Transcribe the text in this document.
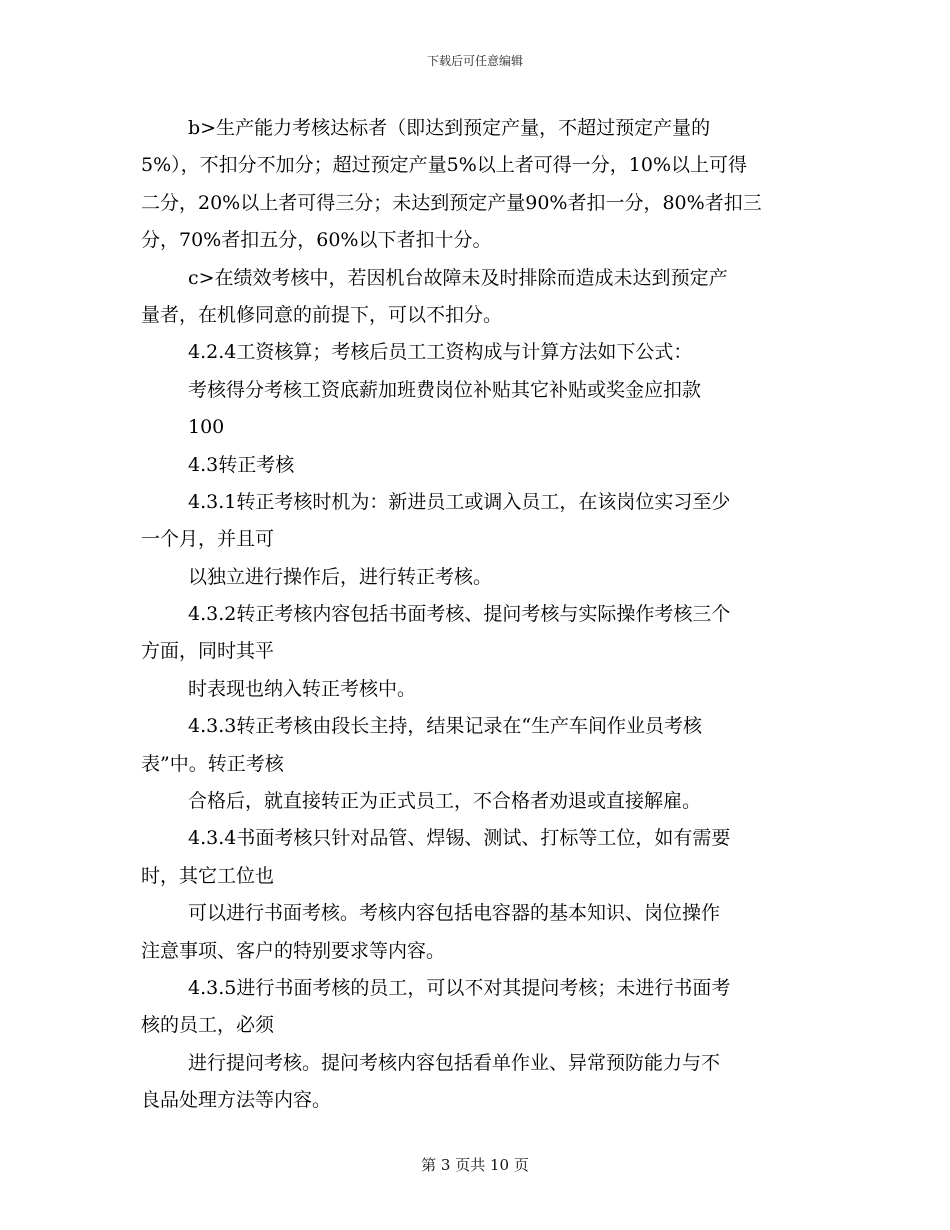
下载后可任意编辑
b>生产能力考核达标者（即达到预定产量，不超过预定产量的
5%），不扣分不加分；超过预定产量5%以上者可得一分，10%以上可得
二分，20%以上者可得三分；未达到预定产量90%者扣一分，80%者扣三
分，70%者扣五分，60%以下者扣十分。
c>在绩效考核中，若因机台故障未及时排除而造成未达到预定产
量者，在机修同意的前提下，可以不扣分。
4.2.4工资核算；考核后员工工资构成与计算方法如下公式：
考核得分考核工资底薪加班费岗位补贴其它补贴或奖金应扣款
100
4.3转正考核
4.3.1转正考核时机为：新进员工或调入员工，在该岗位实习至少
一个月，并且可
以独立进行操作后，进行转正考核。
4.3.2转正考核内容包括书面考核、提问考核与实际操作考核三个
方面，同时其平
时表现也纳入转正考核中。
4.3.3转正考核由段长主持，结果记录在“生产车间作业员考核
表”中。转正考核
合格后，就直接转正为正式员工，不合格者劝退或直接解雇。
4.3.4书面考核只针对品管、焊锡、测试、打标等工位，如有需要
时，其它工位也
可以进行书面考核。考核内容包括电容器的基本知识、岗位操作
注意事项、客户的特别要求等内容。
4.3.5进行书面考核的员工，可以不对其提问考核；未进行书面考
核的员工，必须
进行提问考核。提问考核内容包括看单作业、异常预防能力与不
良品处理方法等内容。
第 3 页共 10 页
